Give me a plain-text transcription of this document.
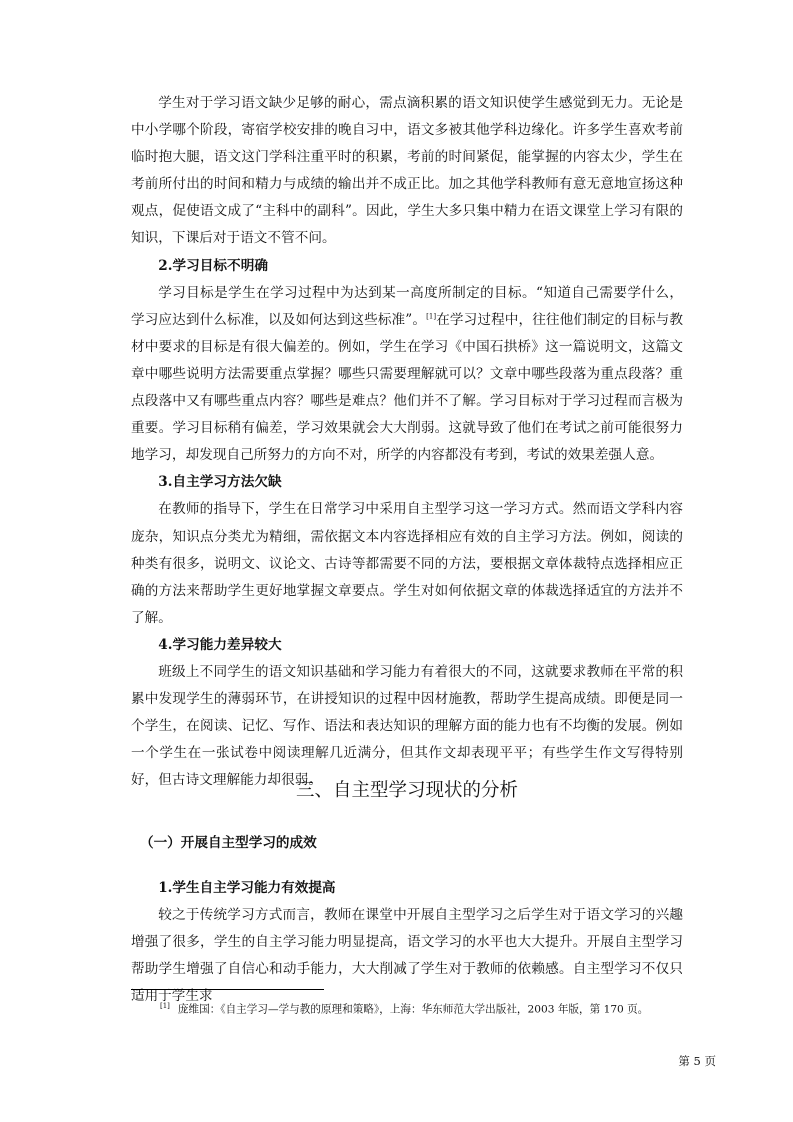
学生对于学习语文缺少足够的耐心，需点滴积累的语文知识使学生感觉到无力。无论是中小学哪个阶段，寄宿学校安排的晚自习中，语文多被其他学科边缘化。许多学生喜欢考前临时抱大腿，语文这门学科注重平时的积累，考前的时间紧促，能掌握的内容太少，学生在考前所付出的时间和精力与成绩的输出并不成正比。加之其他学科教师有意无意地宣扬这种观点，促使语文成了“主科中的副科”。因此，学生大多只集中精力在语文课堂上学习有限的知识，下课后对于语文不管不问。

2.学习目标不明确

学习目标是学生在学习过程中为达到某一高度所制定的目标。“知道自己需要学什么，学习应达到什么标准，以及如何达到这些标准”。[1]在学习过程中，往往他们制定的目标与教材中要求的目标是有很大偏差的。例如，学生在学习《中国石拱桥》这一篇说明文，这篇文章中哪些说明方法需要重点掌握？哪些只需要理解就可以？文章中哪些段落为重点段落？重点段落中又有哪些重点内容？哪些是难点？他们并不了解。学习目标对于学习过程而言极为重要。学习目标稍有偏差，学习效果就会大大削弱。这就导致了他们在考试之前可能很努力地学习，却发现自己所努力的方向不对，所学的内容都没有考到，考试的效果差强人意。

3.自主学习方法欠缺

在教师的指导下，学生在日常学习中采用自主型学习这一学习方式。然而语文学科内容庞杂，知识点分类尤为精细，需依据文本内容选择相应有效的自主学习方法。例如，阅读的种类有很多，说明文、议论文、古诗等都需要不同的方法，要根据文章体裁特点选择相应正确的方法来帮助学生更好地掌握文章要点。学生对如何依据文章的体裁选择适宜的方法并不了解。

4.学习能力差异较大

班级上不同学生的语文知识基础和学习能力有着很大的不同，这就要求教师在平常的积累中发现学生的薄弱环节，在讲授知识的过程中因材施教，帮助学生提高成绩。即便是同一个学生，在阅读、记忆、写作、语法和表达知识的理解方面的能力也有不均衡的发展。例如一个学生在一张试卷中阅读理解几近满分，但其作文却表现平平；有些学生作文写得特别好，但古诗文理解能力却很弱。

三、自主型学习现状的分析
（一）开展自主型学习的成效

1.学生自主学习能力有效提高

较之于传统学习方式而言，教师在课堂中开展自主型学习之后学生对于语文学习的兴趣增强了很多，学生的自主学习能力明显提高，语文学习的水平也大大提升。开展自主型学习帮助学生增强了自信心和动手能力，大大削减了学生对于教师的依赖感。自主型学习不仅只适用于学生求

[1] 庞维国：《自主学习—学与教的原理和策略》，上海：华东师范大学出版社，2003 年版，第 170 页。
第 5 页
